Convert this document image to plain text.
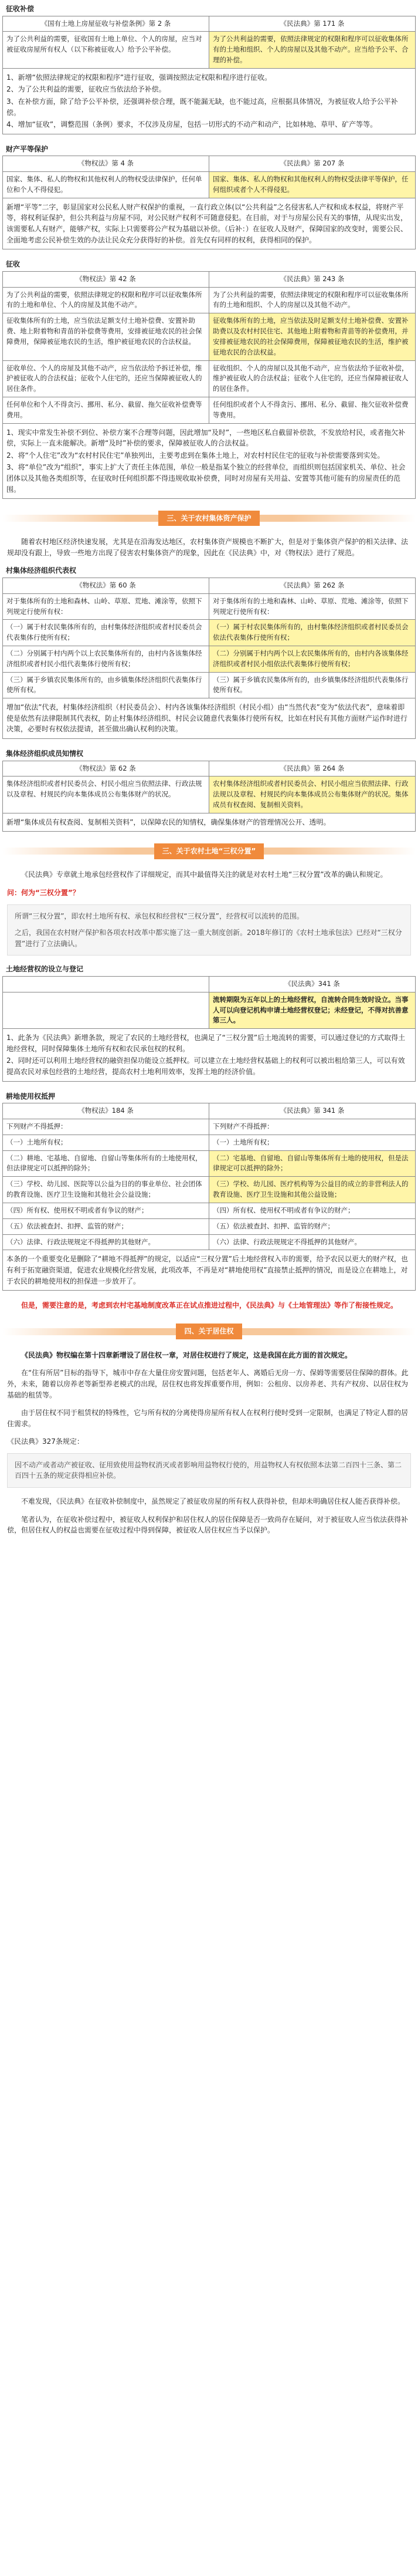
征收补偿
《国有土地上房屋征收与补偿条例》第 2 条	《民法典》第 171 条
为了公共利益的需要，征收国有土地上单位、个人的房屋，应当对被征收房屋所有权人（以下称被征收人）给予公平补偿。	为了公共利益的需要，依照法律规定的权限和程序可以征收集体所有的土地和组织、个人的房屋以及其他不动产。应当给予公平、合理的补偿。

1、新增“依照法律规定的权限和程序”进行征收，强调按照法定权限和程序进行征收。

2、为了公共利益的需要，征收应当依法给予补偿。

3、在补偿方面，除了给予公平补偿，还强调补偿合理，既不能漏无缺，也不能过高，应根据具体情况，为被征收人给予公平补偿。

4、增加“征收”，调整范围（条例）要求，不仅涉及房屋，包括一切形式的不动产和动产，比如林地、草甲、矿产等等。

财产平等保护
《物权法》第 4 条	《民法典》第 207 条
国家、集体、私人的物权和其他权利人的物权受法律保护，任何单位和个人不得侵犯。	国家、集体、私人的物权和其他权利人的物权受法律平等保护，任何组织或者个人不得侵犯。

新增“平等”二字，彰显国家对公民私人财产权保护的重视，一直行政立体(以“公共利益”之名侵害私人产权和成本权益，将财产平等，将权利证保护，但公共利益与房屋不同，对公民财产权利不可随意侵犯。在目前，对于与房屋公民有关的事情，从现实出发，该需要私人有财产，能够产权，实际上只需要将公产权为基础以补偿。（后补：）在征收人及财产，保障国家的改变时，需要公民、全面地考虑公民补偿生效的办法让民众充分获得好的补偿。首先仅有同样的权利，获得相同的保护。

征收
《物权法》第 42 条	《民法典》第 243 条
为了公共利益的需要，依照法律规定的权限和程序可以征收集体所有的土地和单位、个人的房屋及其他不动产。	为了公共利益的需要，依照法律规定的权限和程序可以征收集体所有的土地和组织、个人的房屋以及其他不动产。
征收集体所有的土地，应当依法足额支付土地补偿费、安置补助费、地上附着物和青苗的补偿费等费用，安排被征地农民的社会保障费用，保障被征地农民的生活，维护被征地农民的合法权益。	征收集体所有的土地，应当依法及时足额支付土地补偿费、安置补助费以及农村村民住宅、其他地上附着物和青苗等的补偿费用，并安排被征地农民的社会保障费用，保障被征地农民的生活，维护被征地农民的合法权益。
征收单位、个人的房屋及其他不动产，应当依法给予拆迁补偿，维护被征收人的合法权益；征收个人住宅的，还应当保障被征收人的居住条件。	征收组织、个人的房屋以及其他不动产，应当依法给予征收补偿，维护被征收人的合法权益；征收个人住宅的，还应当保障被征收人的居住条件。
任何单位和个人不得贪污、挪用、私分、截留、拖欠征收补偿费等费用。	任何组织或者个人不得贪污、挪用、私分、截留、拖欠征收补偿费等费用。

1、现实中常发生补偿不到位、补偿方案不合理等问题，因此增加“及时”，一些地区私自截留补偿款，不发放给村民，或者拖欠补偿，实际上一直未能解决。新增“及时”补偿的要求，保障被征收人的合法权益。

2、将“个人住宅”改为“农村村民住宅”单独列出，主要考虑到在集体土地上，对农村村民住宅的征收与补偿需要落到实处。

3、将“单位”改为“组织”，事实上扩大了责任主体范围，单位一般是指某个独立的经营单位，而组织则包括国家机关、单位、社会团体以及其他各类组织等，在征收时任何组织都不得违规收取补偿费，同时对房屋有关用益、安置等其他可能有的房屋责任的范围。

三、关于农村集体资产保护

随着农村地区经济快速发展，尤其是在沿海发达地区，农村集体资产规模也不断扩大，但是对于集体资产保护的相关法律、法规却没有跟上，导致一些地方出现了侵害农村集体资产的现象，因此在《民法典》中，对《物权法》进行了规范。

村集体经济组织代表权
《物权法》第 60 条	《民法典》第 262 条
对于集体所有的土地和森林、山岭、草原、荒地、滩涂等，依照下列规定行使所有权：	对于集体所有的土地和森林、山岭、草原、荒地、滩涂等，依照下列规定行使所有权：
（一）属于村农民集体所有的，由村集体经济组织或者村民委员会代表集体行使所有权；	（一）属于村农民集体所有的，由村集体经济组织或者村民委员会依法代表集体行使所有权；
（二）分别属于村内两个以上农民集体所有的，由村内各该集体经济组织或者村民小组代表集体行使所有权；	（二）分别属于村内两个以上农民集体所有的，由村内各该集体经济组织或者村民小组依法代表集体行使所有权；
（三）属于乡镇农民集体所有的，由乡镇集体经济组织代表集体行使所有权。	（三）属于乡镇农民集体所有的，由乡镇集体经济组织代表集体行使所有权。

增加“依法”代表，村集体经济组织（村民委员会）、村内各该集体经济组织（村民小组）由“当然代表”变为“依法代表”，意味着即使是依然有法律限制其代表权，防止村集体经济组织、村民会议随意代表集体行使所有权，比如在村民有其他方面财产运作时进行决策，必要时有权依法提请，甚至做出确认权利的决策。

集体经济组织成员知情权
《物权法》第 62 条	《民法典》第 264 条
集体经济组织或者村民委员会、村民小组应当依照法律、行政法规以及章程、村规民约向本集体成员公布集体财产的状况。	农村集体经济组织或者村民委员会、村民小组应当依照法律、行政法规以及章程、村规民约向本集体成员公布集体财产的状况。集体成员有权查阅、复制相关资料。

新增“集体成员有权查阅、复制相关资料”，以保障农民的知情权，确保集体财产的管理情况公开、透明。

三、关于农村土地“三权分置”

《民法典》专章就土地承包经营权作了详细规定，而其中最值得关注的就是对农村土地“三权分置”改革的确认和规定。

问：何为“三权分置”？

所谓“三权分置”，即农村土地所有权、承包权和经营权“三权分置”，经营权可以流转的范围。

之后，我国在农村财产保护和各项农村改革中都实施了这一重大制度创新。2018年修订的《农村土地承包法》已经对“三权分置”进行了立法确认。

土地经营权的设立与登记
	《民法典》341 条
	流转期限为五年以上的土地经营权，自流转合同生效时设立。当事人可以向登记机构申请土地经营权登记；未经登记，不得对抗善意第三人。

1、此条为《民法典》新增条款，规定了农民的土地经营权，也满足了“三权分置”后土地流转的需要，可以通过登记的方式取得土地经营权，同时保障集体土地所有权和农民承包权的权利。

2、同时还可以利用土地经营权的融资担保功能设立抵押权。可以建立在土地经营权基础上的权利可以被出租给第三人，可以有效提高农民对承包经营的土地经营，提高农村土地利用效率，发挥土地的经济价值。

耕地使用权抵押
《物权法》184 条	《民法典》第 341 条
下列财产不得抵押：	下列财产不得抵押：
（一）土地所有权；	（一）土地所有权；
（二）耕地、宅基地、自留地、自留山等集体所有的土地使用权，但法律规定可以抵押的除外；	（二）宅基地、自留地、自留山等集体所有土地的使用权，但是法律规定可以抵押的除外；
（三）学校、幼儿园、医院等以公益为目的的事业单位、社会团体的教育设施、医疗卫生设施和其他社会公益设施；	（三）学校、幼儿园、医疗机构等为公益目的成立的非营利法人的教育设施、医疗卫生设施和其他公益设施；
（四）所有权、使用权不明或者有争议的财产；	（四）所有权、使用权不明或者有争议的财产；
（五）依法被查封、扣押、监管的财产；	（五）依法被查封、扣押、监管的财产；
（六）法律、行政法规规定不得抵押的其他财产。	（六）法律、行政法规规定不得抵押的其他财产。

本条的一个重要变化是删除了“耕地不得抵押”的规定，以适应“三权分置”后土地经营权入市的需要，给予农民以更大的财产权，也有利于拓宽融资渠道，促进农业规模化经营发展，此项改革，不再是对“耕地使用权”直接禁止抵押的情况，而是设立在耕地上，对于农民的耕地使用权的担保进一步放开了。

但是，需要注意的是，考虑到农村宅基地制度改革正在试点推进过程中，《民法典》与《土地管理法》等作了衔接性规定。

四、关于居住权

《民法典》物权编在第十四章新增设了居住权一章，对居住权进行了规定，这是我国在此方面的首次规定。

在“住有所居”目标的指导下，城市中存在大量住房安置问题，包括老年人、离婚后无房一方、保姆等需要居住保障的群体。此外，未来，随着以房养老等新型养老模式的出现，居住权也将发挥重要作用，例如：公租房、以房养老、共有产权房、以居住权为基础的租赁等。

由于居住权不同于租赁权的特殊性，它与所有权的分离使得房屋所有权人在权利行使时受到一定限制，也满足了特定人群的居住需求。

《民法典》327条规定：

因不动产或者动产被征收、征用致使用益物权消灭或者影响用益物权行使的，用益物权人有权依照本法第二百四十三条、第二百四十五条的规定获得相应补偿。

不难发现，《民法典》在征收补偿制度中，虽然规定了被征收房屋的所有权人获得补偿，但却未明确居住权人能否获得补偿。

笔者认为，在征收补偿过程中，被征收人权利保护和居住权人的居住保障是否一致尚存在疑问，对于被征收人应当依法获得补偿，但居住权人的权益也需要在征收过程中得到保障，被征收人居住权应当予以保护。
